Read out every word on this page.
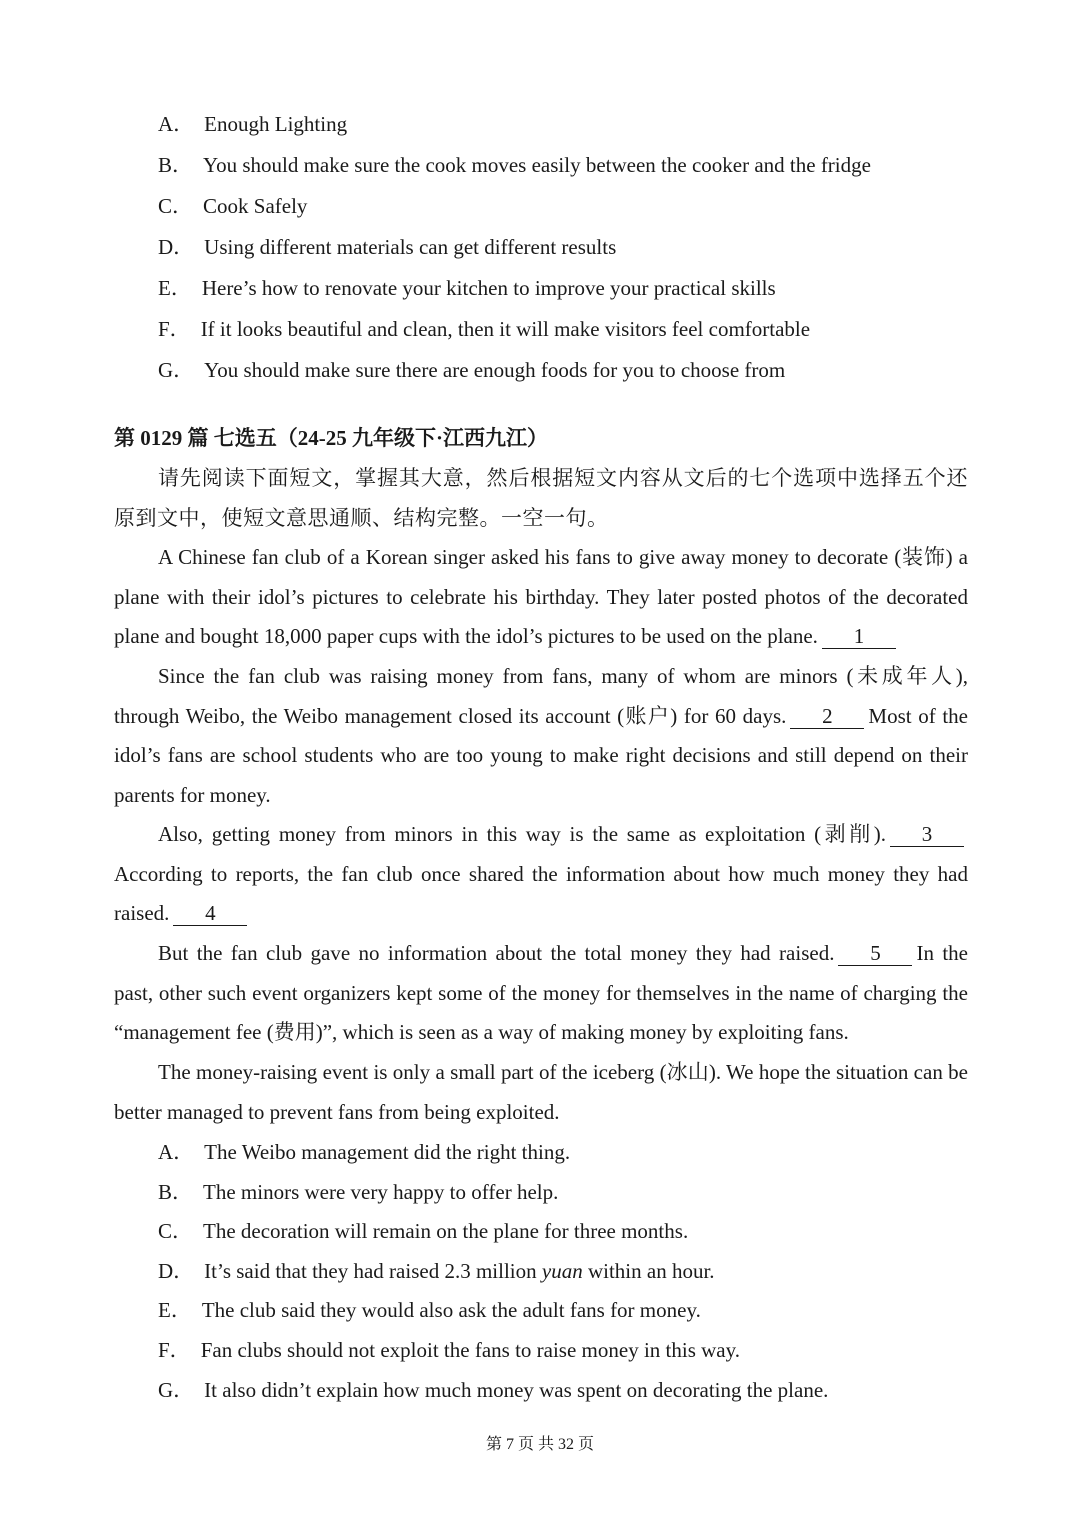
A． Enough Lighting
B． You should make sure the cook moves easily between the cooker and the fridge
C． Cook Safely
D． Using different materials can get different results
E． Here’s how to renovate your kitchen to improve your practical skills
F． If it looks beautiful and clean, then it will make visitors feel comfortable
G． You should make sure there are enough foods for you to choose from
第 0129 篇 七选五（24-25 九年级下·江西九江）
请先阅读下面短文，掌握其大意，然后根据短文内容从文后的七个选项中选择五个还原到文中，使短文意思通顺、结构完整。一空一句。
A Chinese fan club of a Korean singer asked his fans to give away money to decorate (装饰) a plane with their idol’s pictures to celebrate his birthday. They later posted photos of the decorated plane and bought 18,000 paper cups with the idol’s pictures to be used on the plane. 1
Since the fan club was raising money from fans, many of whom are minors (未成年人), through Weibo, the Weibo management closed its account (账户) for 60 days. 2 Most of the idol’s fans are school students who are too young to make right decisions and still depend on their parents for money.
Also, getting money from minors in this way is the same as exploitation (剥削). 3According to reports, the fan club once shared the information about how much money they had raised. 4
But the fan club gave no information about the total money they had raised. 5 In the past, other such event organizers kept some of the money for themselves in the name of charging the “management fee (费用)”, which is seen as a way of making money by exploiting fans.
The money-raising event is only a small part of the iceberg (冰山). We hope the situation can be better managed to prevent fans from being exploited.
A． The Weibo management did the right thing.
B． The minors were very happy to offer help.
C． The decoration will remain on the plane for three months.
D． It’s said that they had raised 2.3 million yuan within an hour.
E． The club said they would also ask the adult fans for money.
F． Fan clubs should not exploit the fans to raise money in this way.
G． It also didn’t explain how much money was spent on decorating the plane.
第 7 页 共 32 页
